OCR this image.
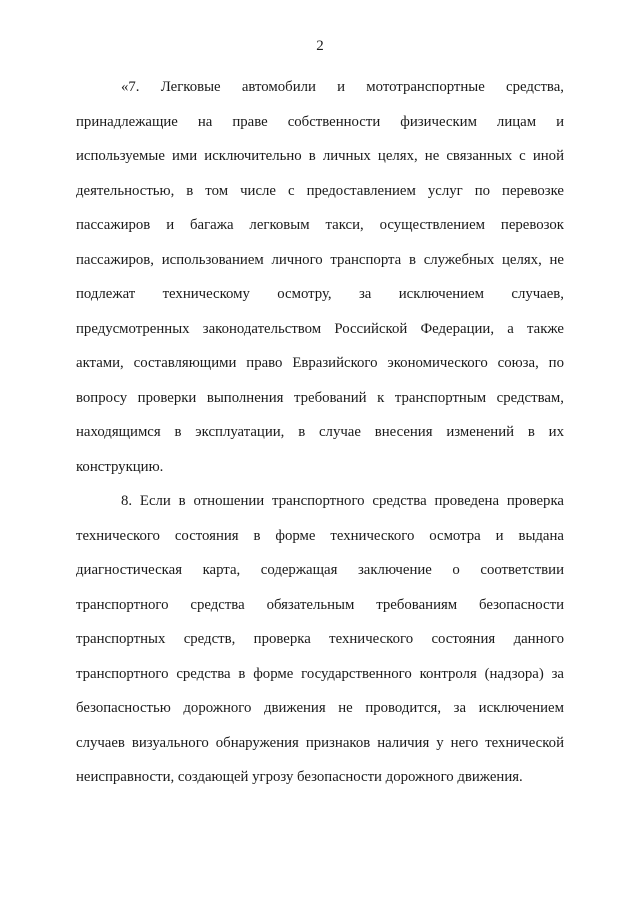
2
«7. Легковые автомобили и мототранспортные средства,
принадлежащие на праве собственности физическим лицам и
используемые ими исключительно в личных целях, не связанных с иной
деятельностью, в том числе с предоставлением услуг по перевозке
пассажиров и багажа легковым такси, осуществлением перевозок
пассажиров, использованием личного транспорта в служебных целях, не
подлежат техническому осмотру, за исключением случаев,
предусмотренных законодательством Российской Федерации, а также
актами, составляющими право Евразийского экономического союза, по
вопросу проверки выполнения требований к транспортным средствам,
находящимся в эксплуатации, в случае внесения изменений в их
конструкцию.
8. Если в отношении транспортного средства проведена проверка
технического состояния в форме технического осмотра и выдана
диагностическая карта, содержащая заключение о соответствии
транспортного средства обязательным требованиям безопасности
транспортных средств, проверка технического состояния данного
транспортного средства в форме государственного контроля (надзора) за
безопасностью дорожного движения не проводится, за исключением
случаев визуального обнаружения признаков наличия у него технической
неисправности, создающей угрозу безопасности дорожного движения.
